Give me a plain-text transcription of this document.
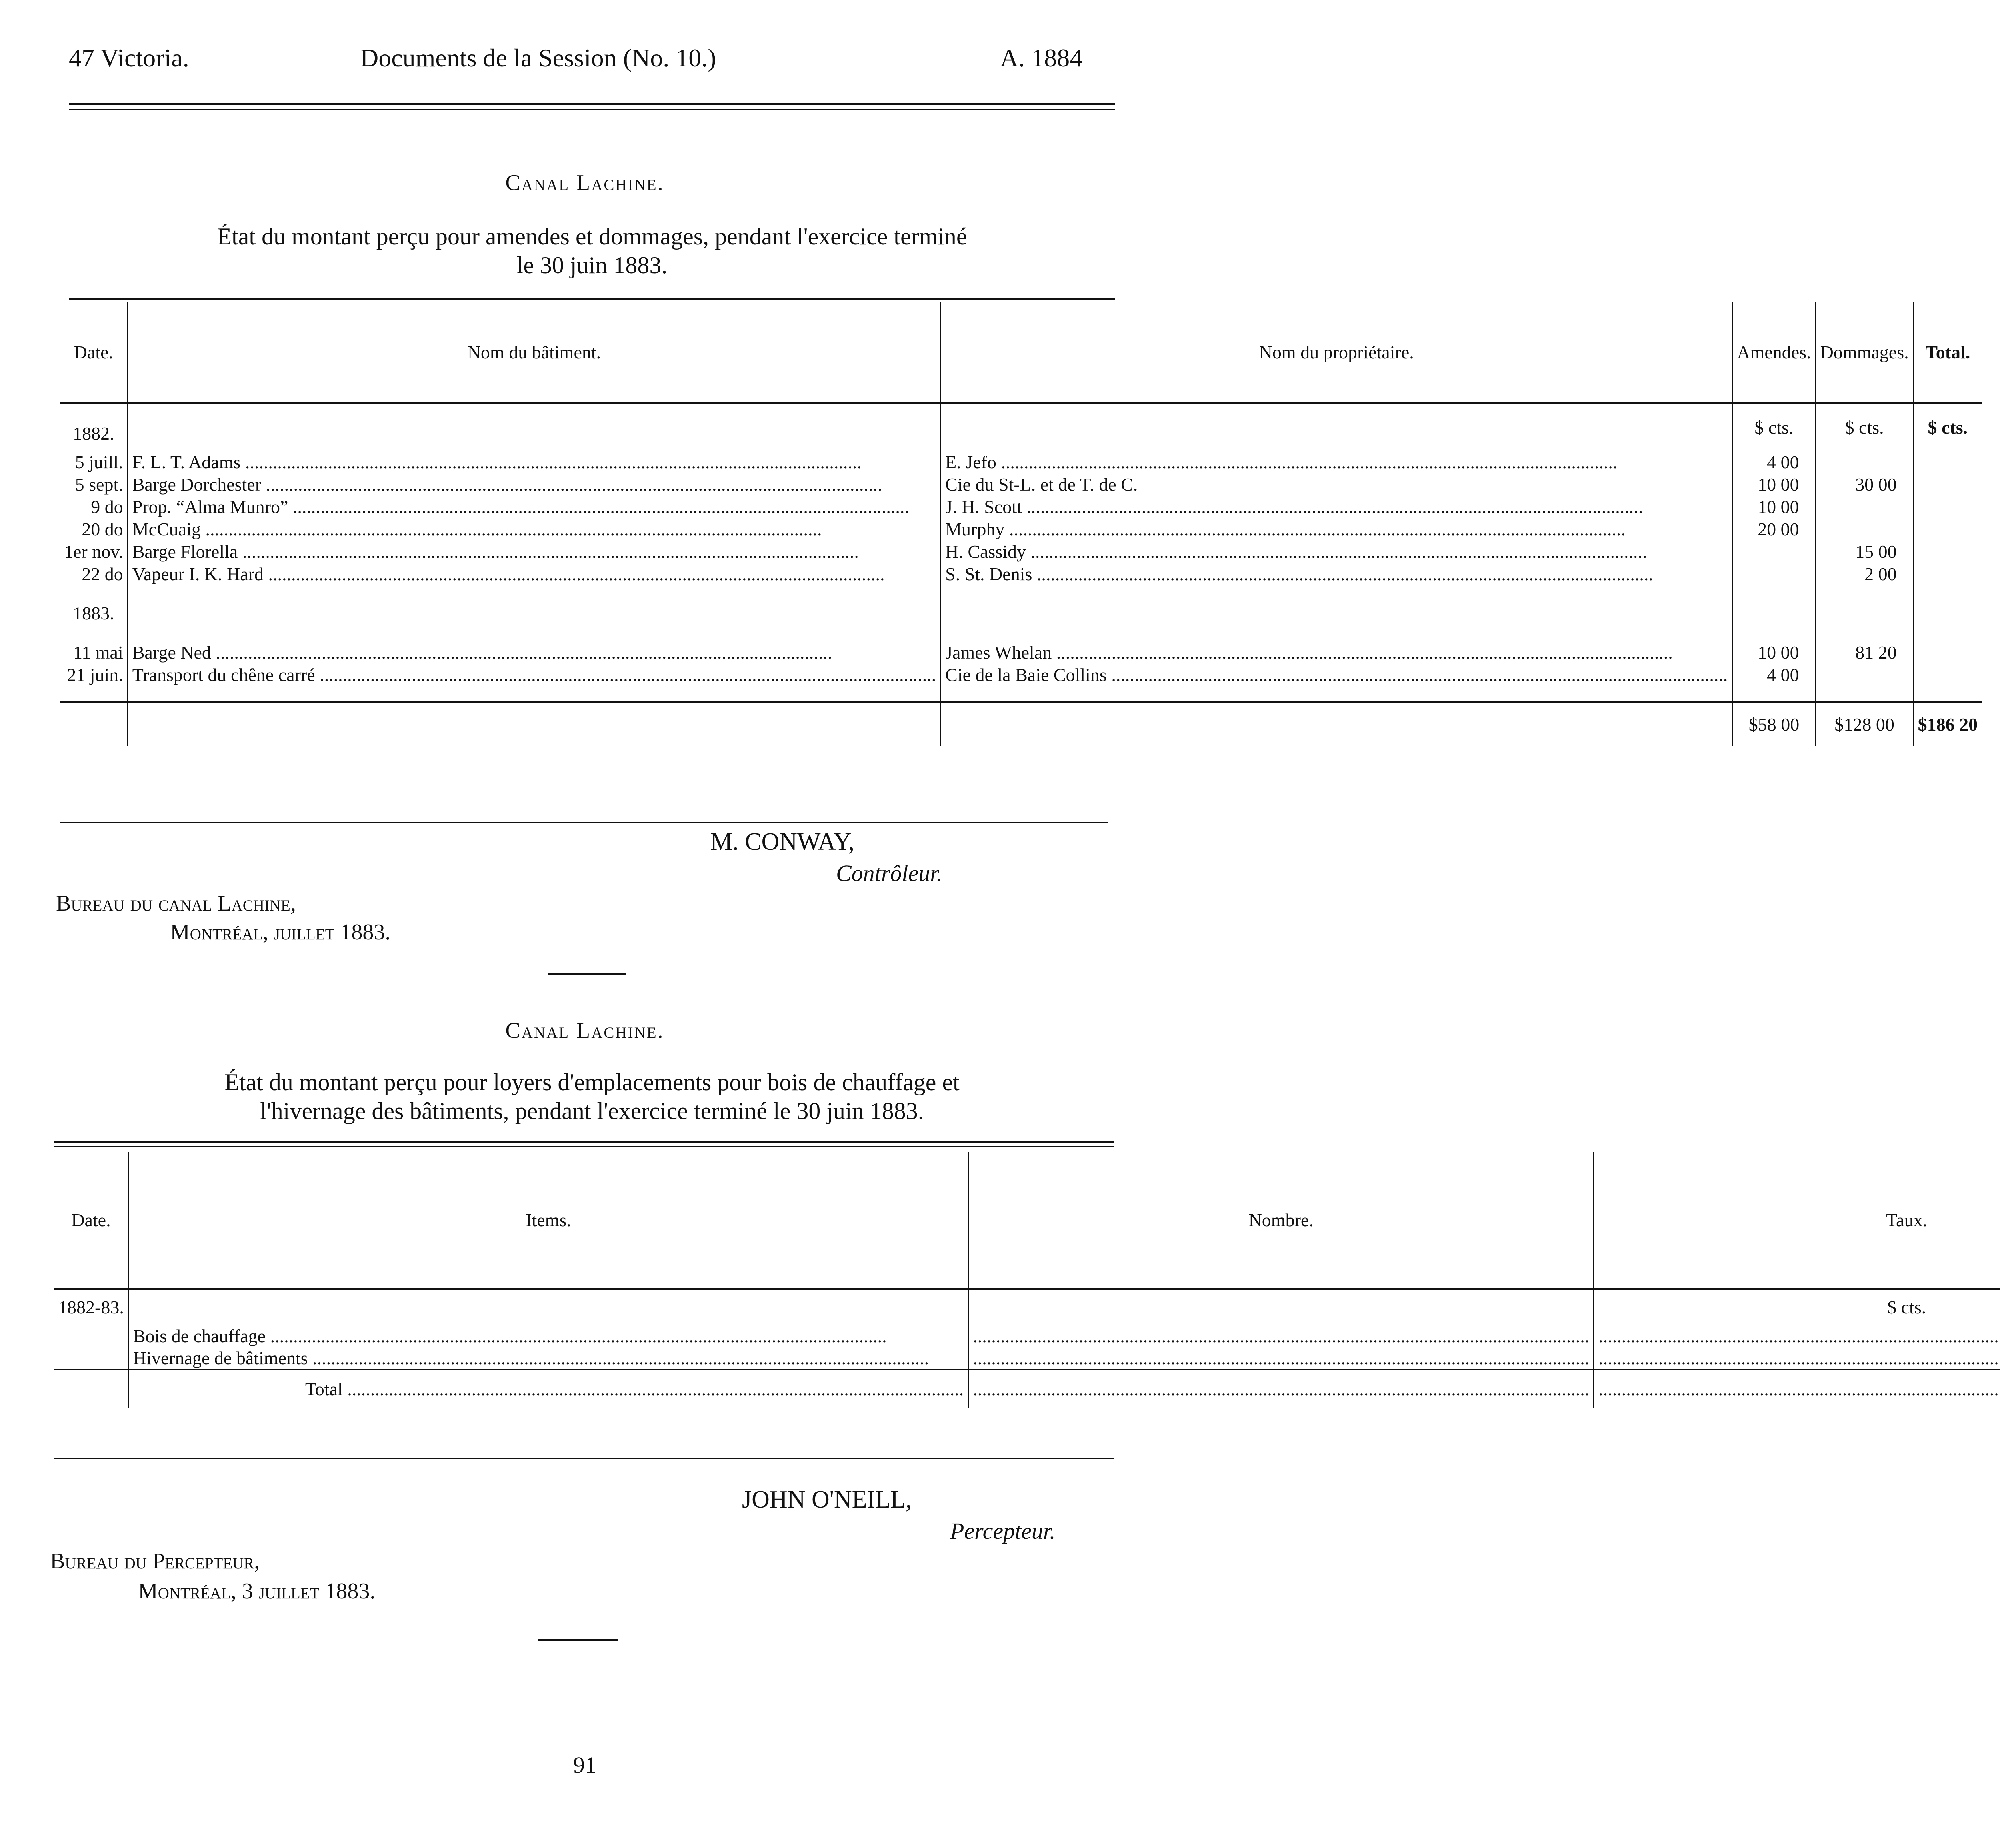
47 Victoria.	Documents de la Session (No. 10.)	A. 1884
Canal Lachine.
État du montant perçu pour amendes et dommages, pendant l'exercice terminé
le 30 juin 1883.
Date.	Nom du bâtiment.	Nom du propriétaire.	Amendes.	Dommages.	Total.
1882.			$ cts.	$ cts.	$ cts.
5 juill.	F. L. T. Adams .....	E. Jefo .....	4 00		
5 sept.	Barge Dorchester .....	Cie du St-L. et de T. de C.	10 00	30 00	
9 do	Prop. “Alma Munro” .....	J. H. Scott .....	10 00		
20 do	McCuaig .....	Murphy .....	20 00		
1er nov.	Barge Florella .....	H. Cassidy .....		15 00	
22 do	Vapeur I. K. Hard .....	S. St. Denis .....		2 00	
1883.					
11 mai	Barge Ned .....	James Whelan .....	10 00	81 20	
21 juin.	Transport du chêne carré .....	Cie de la Baie Collins .....	4 00		

			$58 00	$128 00	$186 20
M. CONWAY,
Contrôleur.
Bureau du canal Lachine,
Montréal, juillet 1883.
Canal Lachine.
État du montant perçu pour loyers d'emplacements pour bois de chauffage et
l'hivernage des bâtiments, pendant l'exercice terminé le 30 juin 1883.
Date.	Items.	Nombre.	Taux.	
1882-83.			$ cts.	
	Bois de chauffage .....	.....	.....	
	Hivernage de bâtiments .....	.....	.....	
	Total .....	.....	.....	
JOHN O'NEILL,
Percepteur.
Bureau du Percepteur,
Montréal, 3 juillet 1883.
91
